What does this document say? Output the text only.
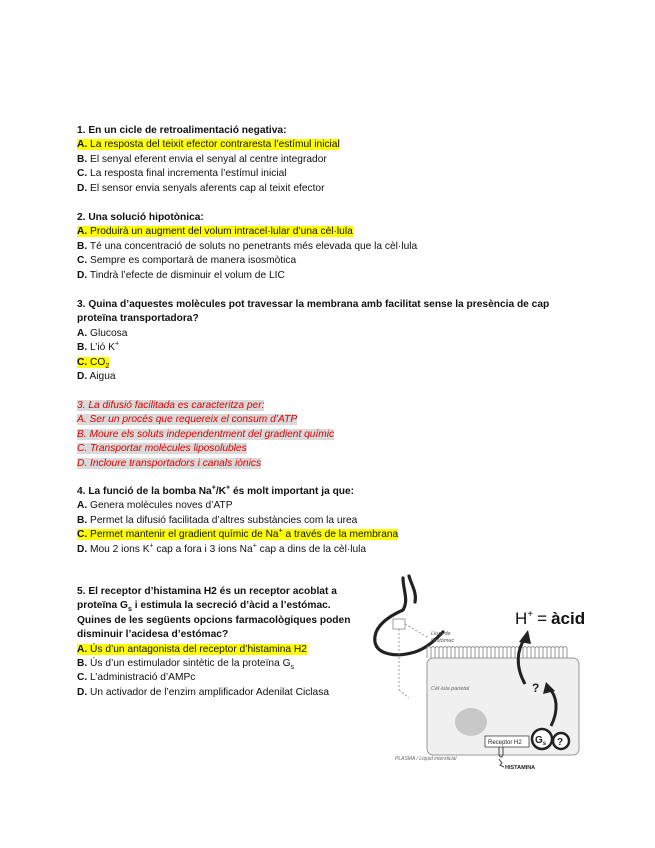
1. En un cicle de retroalimentació negativa:
A. La resposta del teixit efector contraresta l’estímul inicial
B. El senyal eferent envia el senyal al centre integrador
C. La resposta final incrementa l’estímul inicial
D. El sensor envia senyals aferents cap al teixit efector
2. Una solució hipotònica:
A. Produirà un augment del volum intracel·lular d’una cèl·lula
B. Té una concentració de soluts no penetrants més elevada que la cèl·lula
C. Sempre es comportarà de manera isosmòtica
D. Tindrà l’efecte de disminuir el volum de LIC
3. Quina d’aquestes molècules pot travessar la membrana amb facilitat sense la presència de cap
proteïna transportadora?
A. Glucosa
B. L’ió K+
C. $CO_2$
D. Aigua
3. La difusió facilitada es caracteritza per:
A. Ser un procés que requereix el consum d’ATP
B. Moure els soluts independentment del gradient químic
C. Transportar molècules liposolubles
D. Incloure transportadors i canals iònics
4. La funció de la bomba Na+/K+ és molt important ja que:
A. Genera molècules noves d’ATP
B. Permet la difusió facilitada d’altres substàncies com la urea
C. Permet mantenir el gradient químic de Na+ a través de la membrana
D. Mou 2 ions K+ cap a fora i 3 ions Na+ cap a dins de la cèl·lula
5. El receptor d’histamina H2 és un receptor acoblat a
proteïna $G_s$ i estimula la secreció d’àcid a l’estómac.
Quines de les següents opcions farmacològiques poden
disminuir l’acidesa d’estómac?
A. Ús d’un antagonista del receptor d’histamina H2
B. Ús d’un estimulador sintètic de la proteïna $G_s$
C. L’administració d’AMPc
D. Un activador de l’enzim amplificador Adenilat Ciclasa
H+ = àcid
Llum de
l’estòmac
Cèl·lula parietal	?
$G_s$ ?
Receptor H2
HISTAMINA
PLASMA / Líquid intersticial
